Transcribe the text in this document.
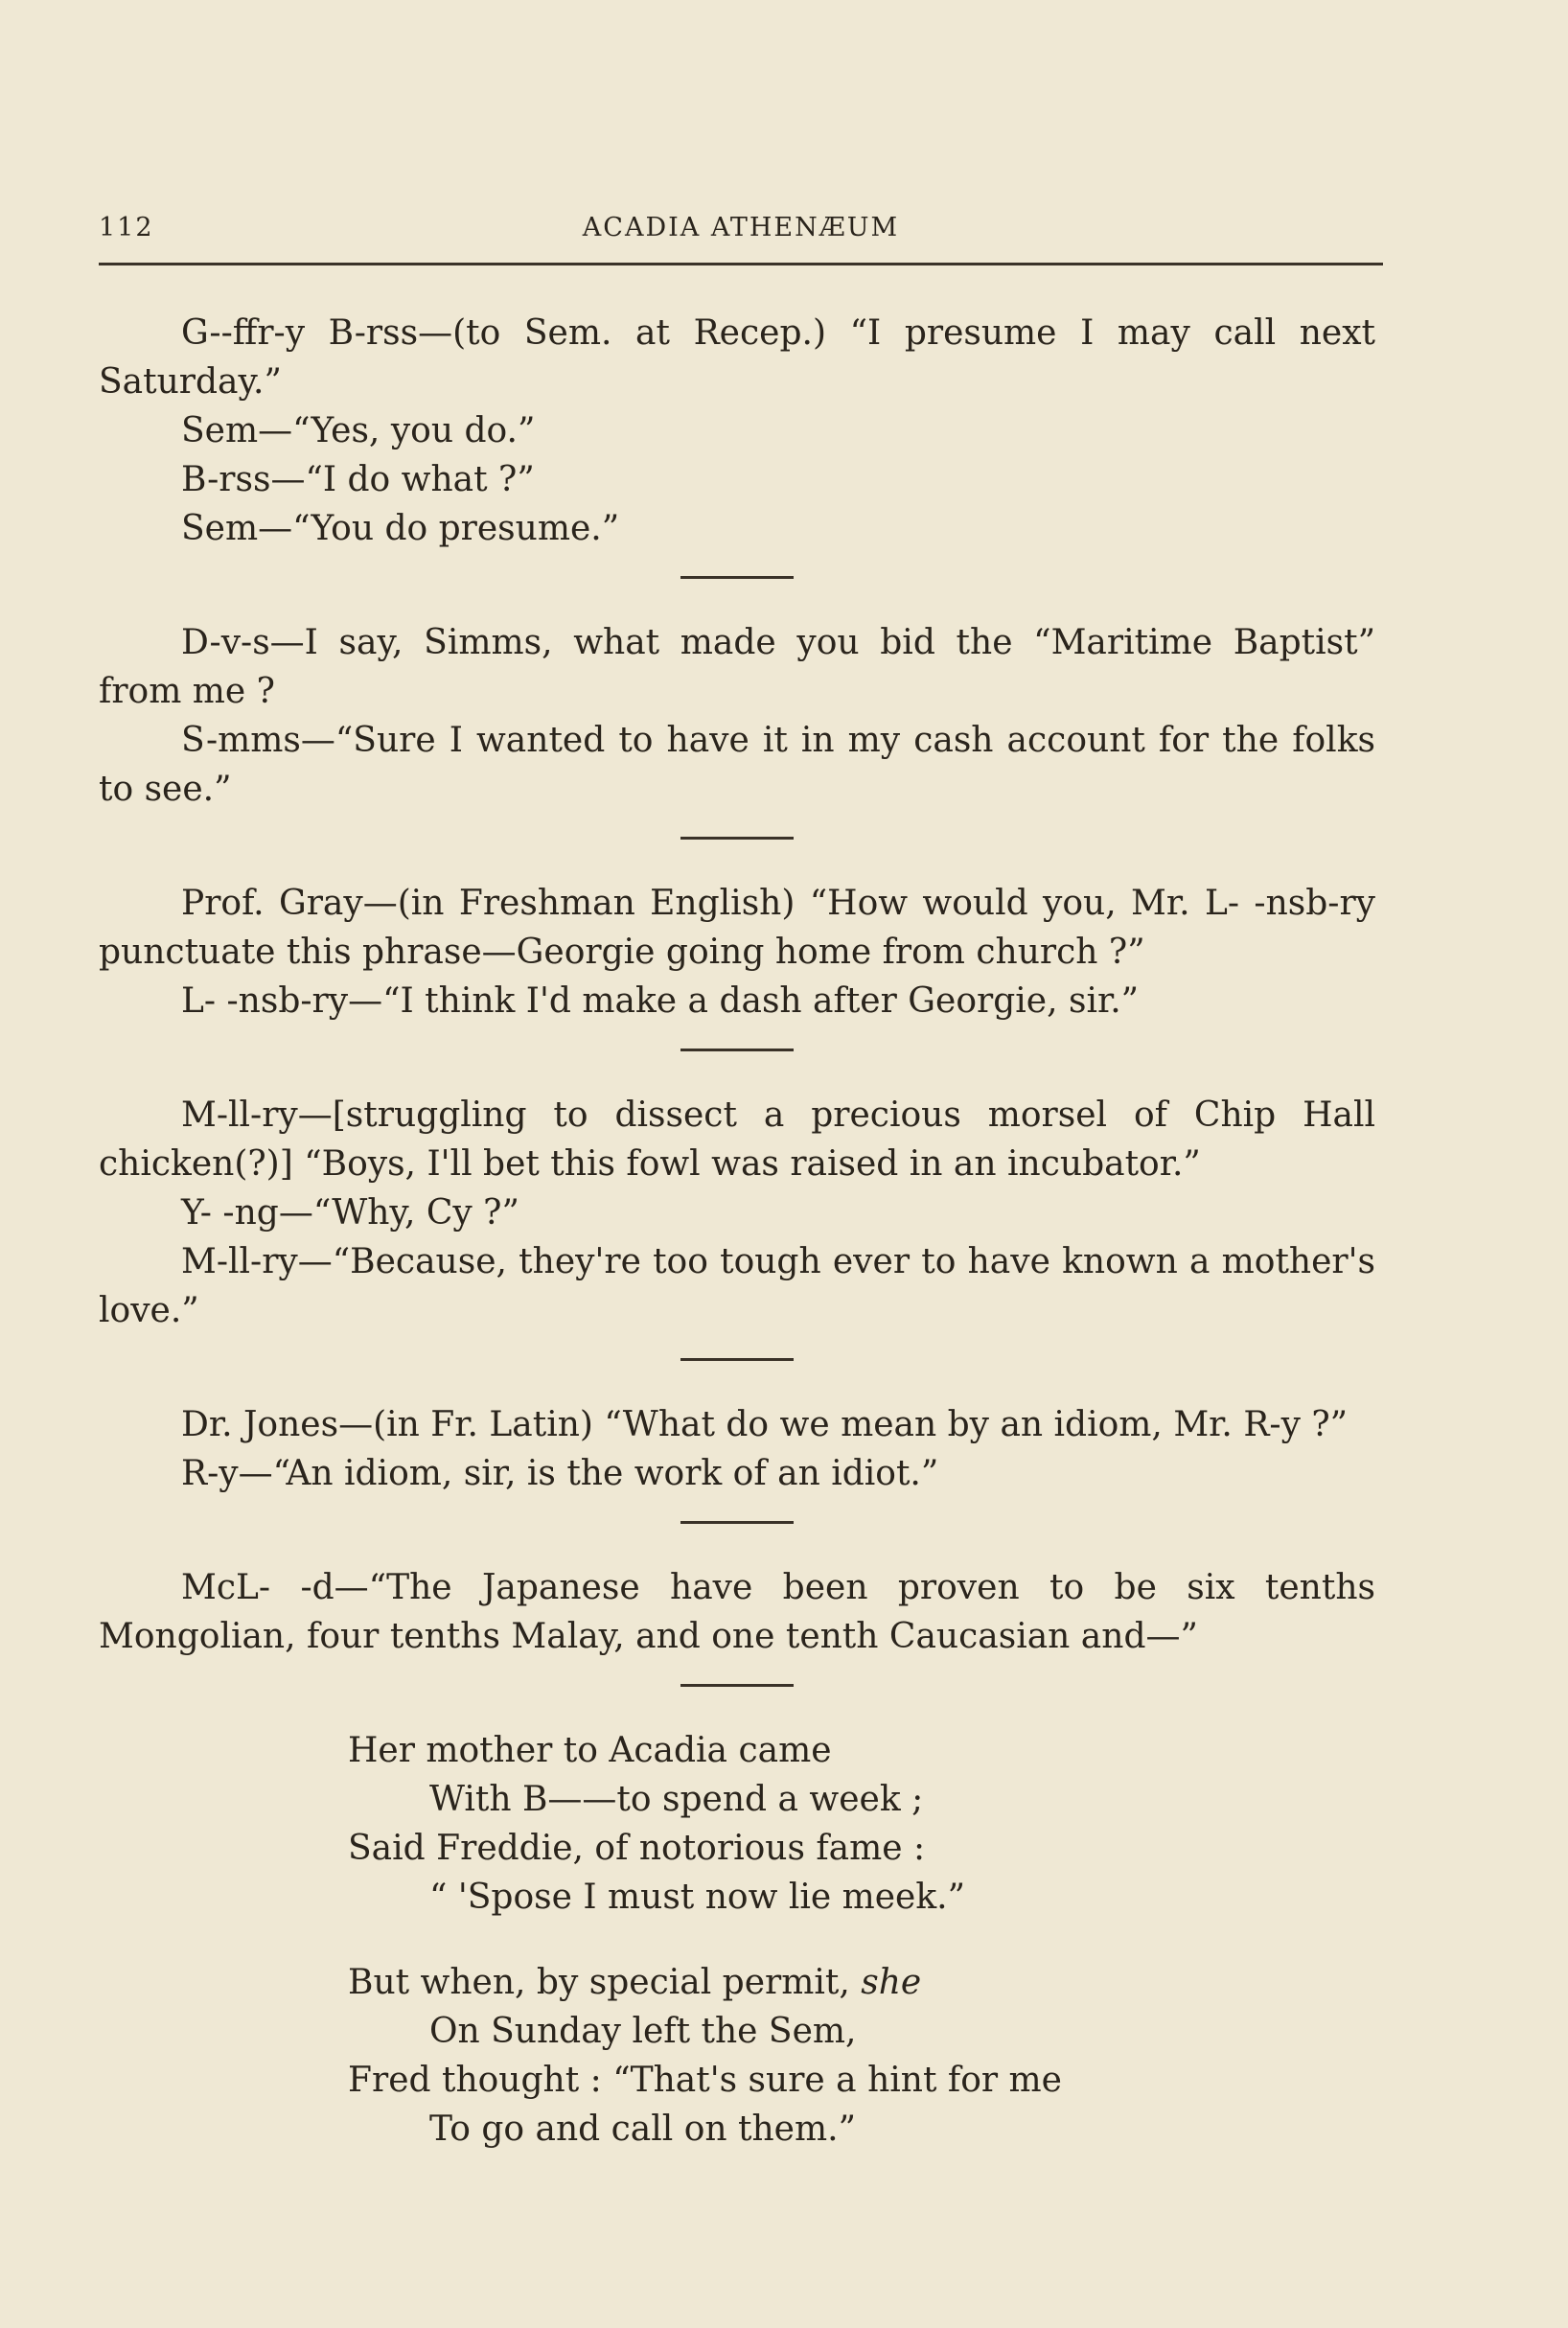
112	ACADIA ATHENÆUM

G--ffr-y B-rss—(to Sem. at Recep.) “I presume I may call next Saturday.”

Sem—“Yes, you do.”

B-rss—“I do what ?”

Sem—“You do presume.”

D-v-s—I say, Simms, what made you bid the “Maritime Baptist” from me ?

S-mms—“Sure I wanted to have it in my cash account for the folks to see.”

Prof. Gray—(in Freshman English) “How would you, Mr. L- -nsb-ry punctuate this phrase—Georgie going home from church ?”

L- -nsb-ry—“I think I'd make a dash after Georgie, sir.”

M-ll-ry—[struggling to dissect a precious morsel of Chip Hall chicken(?)] “Boys, I'll bet this fowl was raised in an incubator.”

Y- -ng—“Why, Cy ?”

M-ll-ry—“Because, they're too tough ever to have known a mother's love.”

Dr. Jones—(in Fr. Latin) “What do we mean by an idiom, Mr. R-y ?”

R-y—“An idiom, sir, is the work of an idiot.”

McL- -d—“The Japanese have been proven to be six tenths Mongolian, four tenths Malay, and one tenth Caucasian and—”

Her mother to Acadia came
With B——to spend a week ;
Said Freddie, of notorious fame :
“ 'Spose I must now lie meek.”
But when, by special permit, she
On Sunday left the Sem,
Fred thought : “That's sure a hint for me
To go and call on them.”
